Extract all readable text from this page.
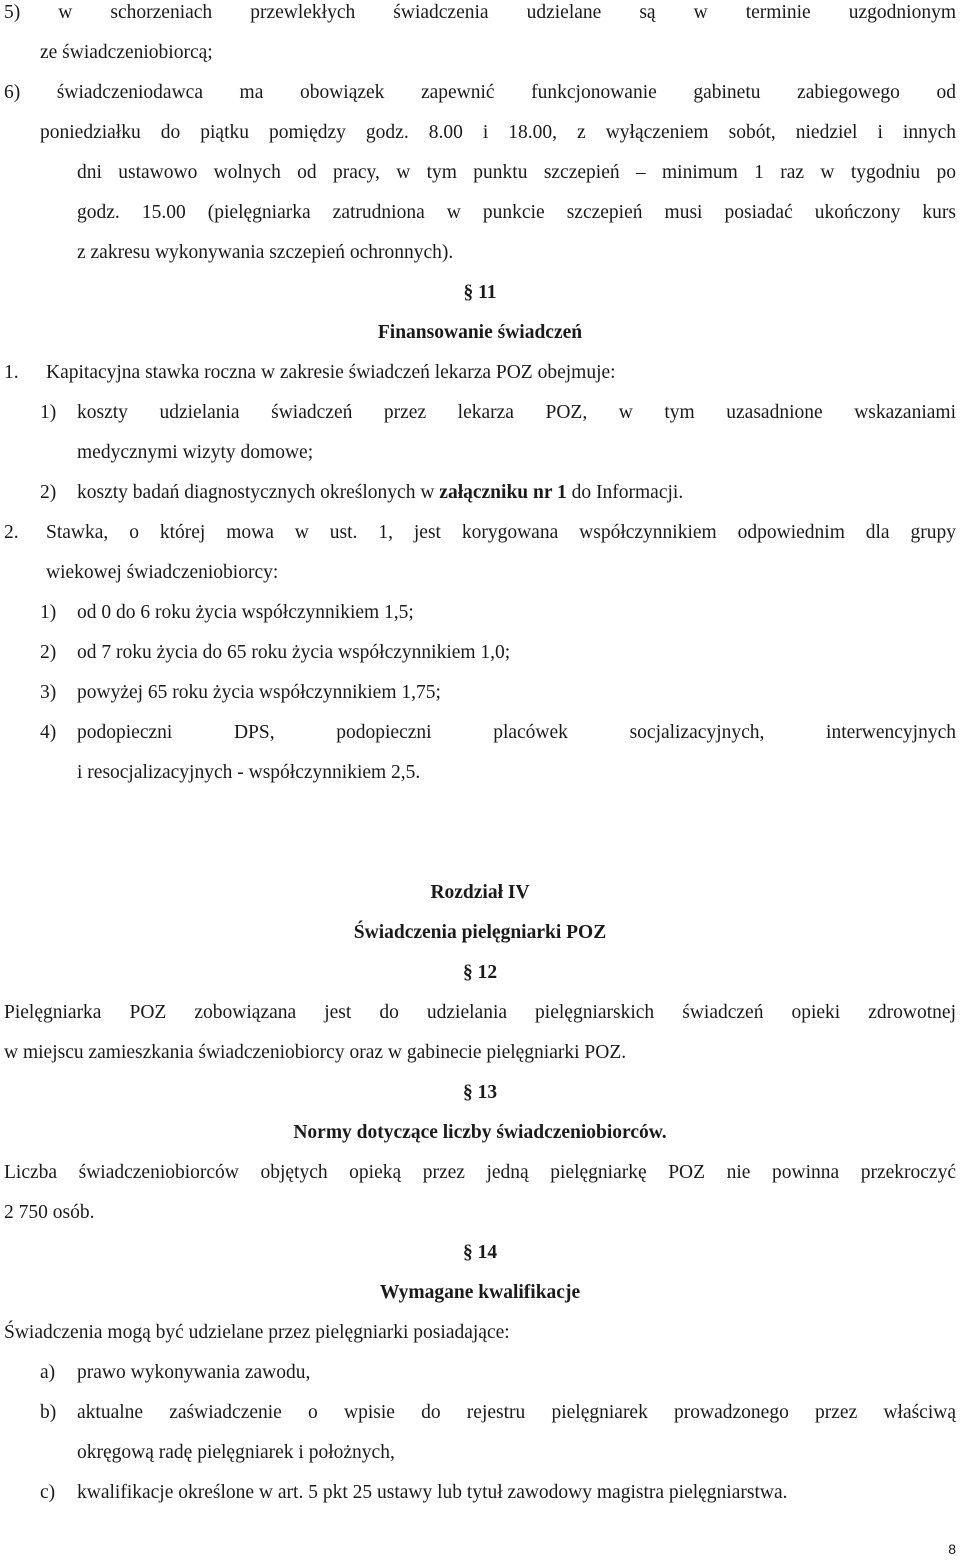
5) w schorzeniach przewlekłych świadczenia udzielane są w terminie uzgodnionym
ze świadczeniobiorcą;
6) świadczeniodawca ma obowiązek zapewnić funkcjonowanie gabinetu zabiegowego od
poniedziałku do piątku pomiędzy godz. 8.00 i 18.00, z wyłączeniem sobót, niedziel i innych
dni ustawowo wolnych od pracy, w tym punktu szczepień – minimum 1 raz w tygodniu po
godz. 15.00 (pielęgniarka zatrudniona w punkcie szczepień musi posiadać ukończony kurs
z zakresu wykonywania szczepień ochronnych).
§ 11
Finansowanie świadczeń
1. Kapitacyjna stawka roczna w zakresie świadczeń lekarza POZ obejmuje:
1) koszty udzielania świadczeń przez lekarza POZ, w tym uzasadnione wskazaniami
medycznymi wizyty domowe;
2) koszty badań diagnostycznych określonych w załączniku nr 1 do Informacji.
2. Stawka, o której mowa w ust. 1, jest korygowana współczynnikiem odpowiednim dla grupy
wiekowej świadczeniobiorcy:
1) od 0 do 6 roku życia współczynnikiem 1,5;
2) od 7 roku życia do 65 roku życia współczynnikiem 1,0;
3) powyżej 65 roku życia współczynnikiem 1,75;
4) podopieczni DPS, podopieczni placówek socjalizacyjnych, interwencyjnych
i resocjalizacyjnych - współczynnikiem 2,5.
Rozdział IV
Świadczenia pielęgniarki POZ
§ 12
Pielęgniarka POZ zobowiązana jest do udzielania pielęgniarskich świadczeń opieki zdrowotnej
w miejscu zamieszkania świadczeniobiorcy oraz w gabinecie pielęgniarki POZ.
§ 13
Normy dotyczące liczby świadczeniobiorców.
Liczba świadczeniobiorców objętych opieką przez jedną pielęgniarkę POZ nie powinna przekroczyć
2 750 osób.
§ 14
Wymagane kwalifikacje
Świadczenia mogą być udzielane przez pielęgniarki posiadające:
a) prawo wykonywania zawodu,
b) aktualne zaświadczenie o wpisie do rejestru pielęgniarek prowadzonego przez właściwą
okręgową radę pielęgniarek i położnych,
c) kwalifikacje określone w art. 5 pkt 25 ustawy lub tytuł zawodowy magistra pielęgniarstwa.
8
